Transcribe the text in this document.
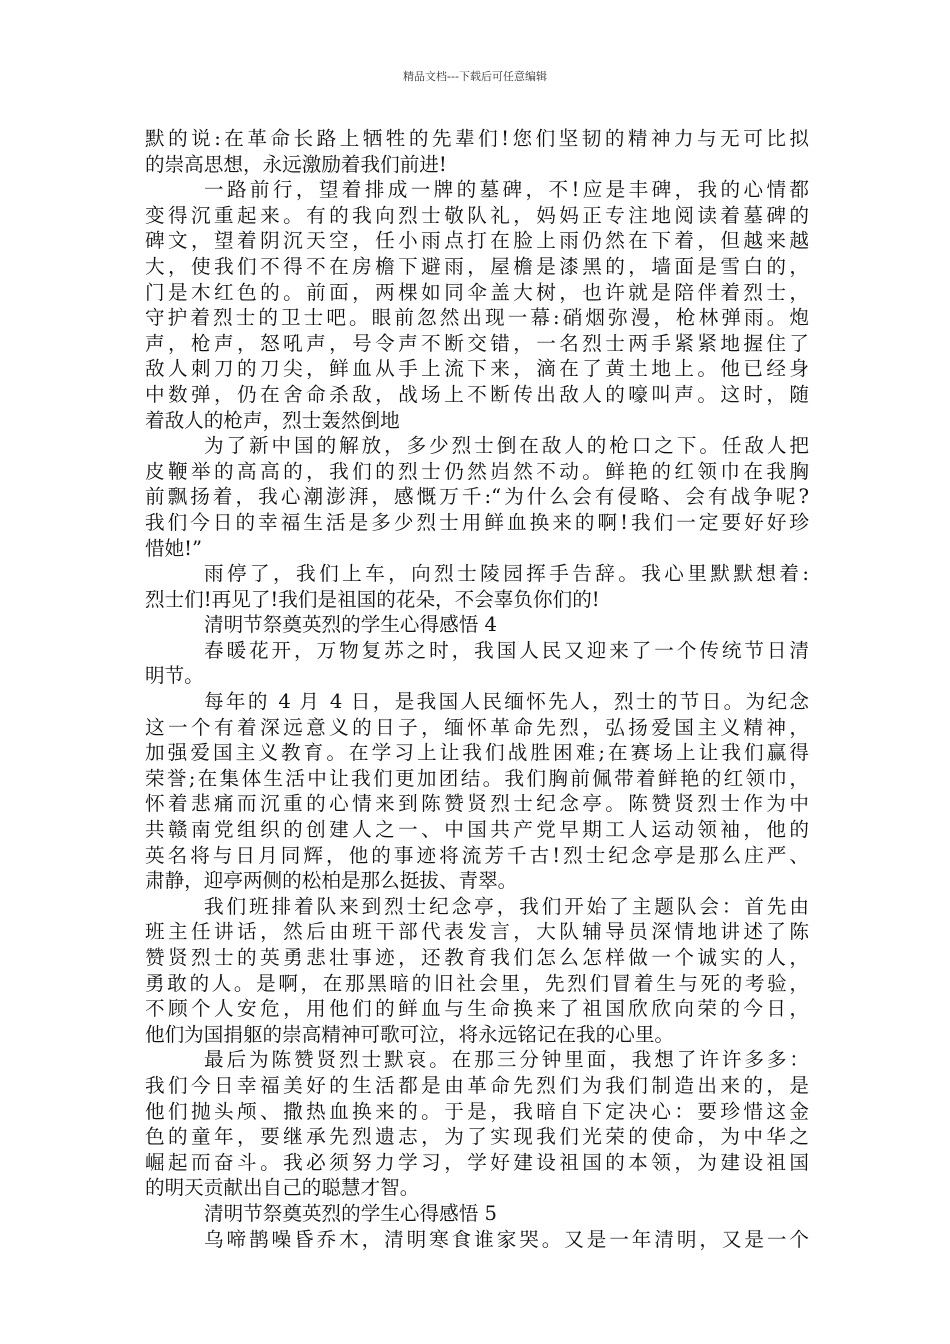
精品文档---下载后可任意编辑
默的说:在革命长路上牺牲的先辈们!您们坚韧的精神力与无可比拟
的崇高思想，永远激励着我们前进!
一路前行，望着排成一牌的墓碑，不!应是丰碑，我的心情都
变得沉重起来。有的我向烈士敬队礼，妈妈正专注地阅读着墓碑的
碑文，望着阴沉天空，任小雨点打在脸上雨仍然在下着，但越来越
大，使我们不得不在房檐下避雨，屋檐是漆黑的，墙面是雪白的，
门是木红色的。前面，两棵如同伞盖大树，也许就是陪伴着烈士，
守护着烈士的卫士吧。眼前忽然出现一幕:硝烟弥漫，枪林弹雨。炮
声，枪声，怒吼声，号令声不断交错，一名烈士两手紧紧地握住了
敌人刺刀的刀尖，鲜血从手上流下来，滴在了黄土地上。他已经身
中数弹，仍在舍命杀敌，战场上不断传出敌人的嚎叫声。这时，随
着敌人的枪声，烈士轰然倒地
为了新中国的解放，多少烈士倒在敌人的枪口之下。任敌人把
皮鞭举的高高的，我们的烈士仍然岿然不动。鲜艳的红领巾在我胸
前飘扬着，我心潮澎湃，感慨万千:“为什么会有侵略、会有战争呢?
我们今日的幸福生活是多少烈士用鲜血换来的啊!我们一定要好好珍
惜她!”
雨停了，我们上车，向烈士陵园挥手告辞。我心里默默想着:
烈士们!再见了!我们是祖国的花朵，不会辜负你们的!
清明节祭奠英烈的学生心得感悟 4
春暖花开，万物复苏之时，我国人民又迎来了一个传统节日清
明节。
每年的 4 月 4 日，是我国人民缅怀先人，烈士的节日。为纪念
这一个有着深远意义的日子，缅怀革命先烈，弘扬爱国主义精神，
加强爱国主义教育。在学习上让我们战胜困难;在赛场上让我们赢得
荣誉;在集体生活中让我们更加团结。我们胸前佩带着鲜艳的红领巾，
怀着悲痛而沉重的心情来到陈赞贤烈士纪念亭。陈赞贤烈士作为中
共赣南党组织的创建人之一、中国共产党早期工人运动领袖，他的
英名将与日月同辉，他的事迹将流芳千古!烈士纪念亭是那么庄严、
肃静，迎亭两侧的松柏是那么挺拔、青翠。
我们班排着队来到烈士纪念亭，我们开始了主题队会：首先由
班主任讲话，然后由班干部代表发言，大队辅导员深情地讲述了陈
赞贤烈士的英勇悲壮事迹，还教育我们怎么怎样做一个诚实的人，
勇敢的人。是啊，在那黑暗的旧社会里，先烈们冒着生与死的考验，
不顾个人安危，用他们的鲜血与生命换来了祖国欣欣向荣的今日，
他们为国捐躯的崇高精神可歌可泣，将永远铭记在我的心里。
最后为陈赞贤烈士默哀。在那三分钟里面，我想了许许多多：
我们今日幸福美好的生活都是由革命先烈们为我们制造出来的，是
他们抛头颅、撒热血换来的。于是，我暗自下定决心：要珍惜这金
色的童年，要继承先烈遗志，为了实现我们光荣的使命，为中华之
崛起而奋斗。我必须努力学习，学好建设祖国的本领，为建设祖国
的明天贡献出自己的聪慧才智。
清明节祭奠英烈的学生心得感悟 5
乌啼鹊噪昏乔木，清明寒食谁家哭。又是一年清明，又是一个
